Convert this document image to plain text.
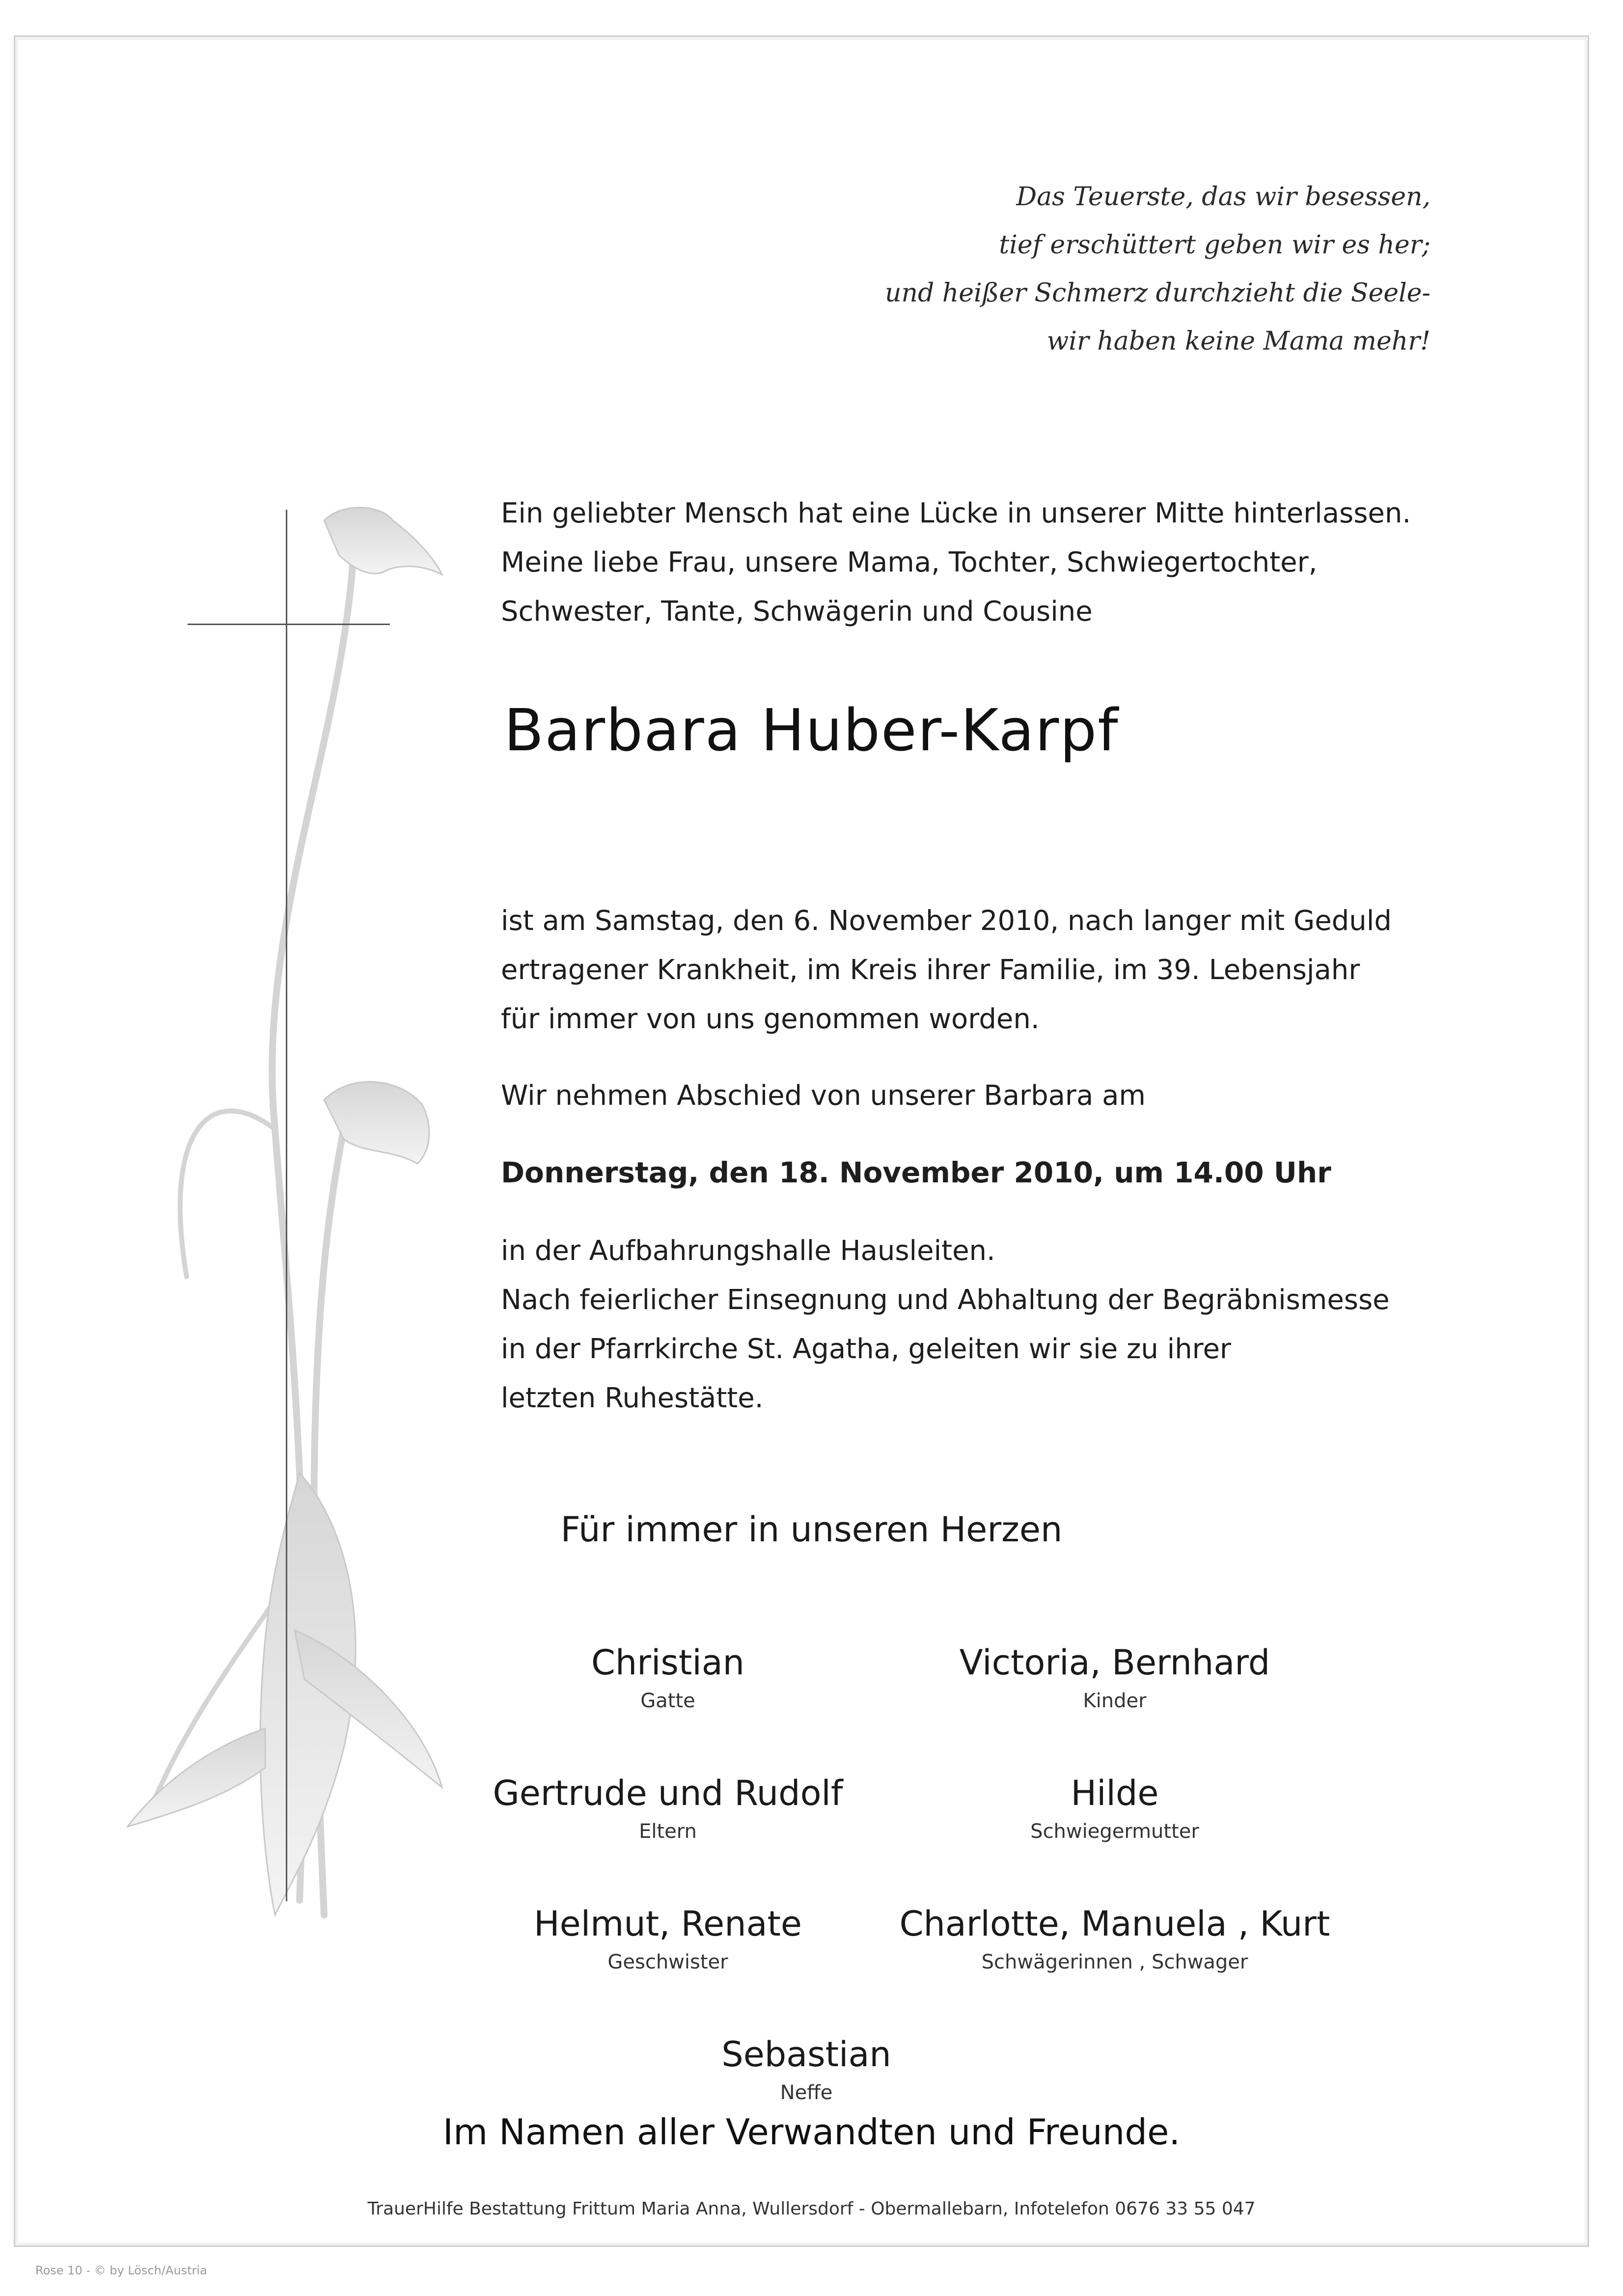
Das Teuerste, das wir besessen,
tief erschüttert geben wir es her;
und heißer Schmerz durchzieht die Seele-
wir haben keine Mama mehr!
Ein geliebter Mensch hat eine Lücke in unserer Mitte hinterlassen.
Meine liebe Frau, unsere Mama, Tochter, Schwiegertochter,
Schwester, Tante, Schwägerin und Cousine
Barbara Huber-Karpf
ist am Samstag, den 6. November 2010, nach langer mit Geduld
ertragener Krankheit, im Kreis ihrer Familie, im 39. Lebensjahr
für immer von uns genommen worden.
Wir nehmen Abschied von unserer Barbara am
Donnerstag, den 18. November 2010, um 14.00 Uhr
in der Aufbahrungshalle Hausleiten.
Nach feierlicher Einsegnung und Abhaltung der Begräbnismesse
in der Pfarrkirche St. Agatha, geleiten wir sie zu ihrer
letzten Ruhestätte.
Für immer in unseren Herzen
Christian
Gatte
Victoria, Bernhard
Kinder
Gertrude und Rudolf
Eltern
Hilde
Schwiegermutter
Helmut, Renate
Geschwister
Charlotte, Manuela , Kurt
Schwägerinnen , Schwager
Sebastian
Neffe
Im Namen aller Verwandten und Freunde.
TrauerHilfe Bestattung Frittum Maria Anna, Wullersdorf - Obermallebarn, Infotelefon 0676 33 55 047
Rose 10 - © by Lösch/Austria
